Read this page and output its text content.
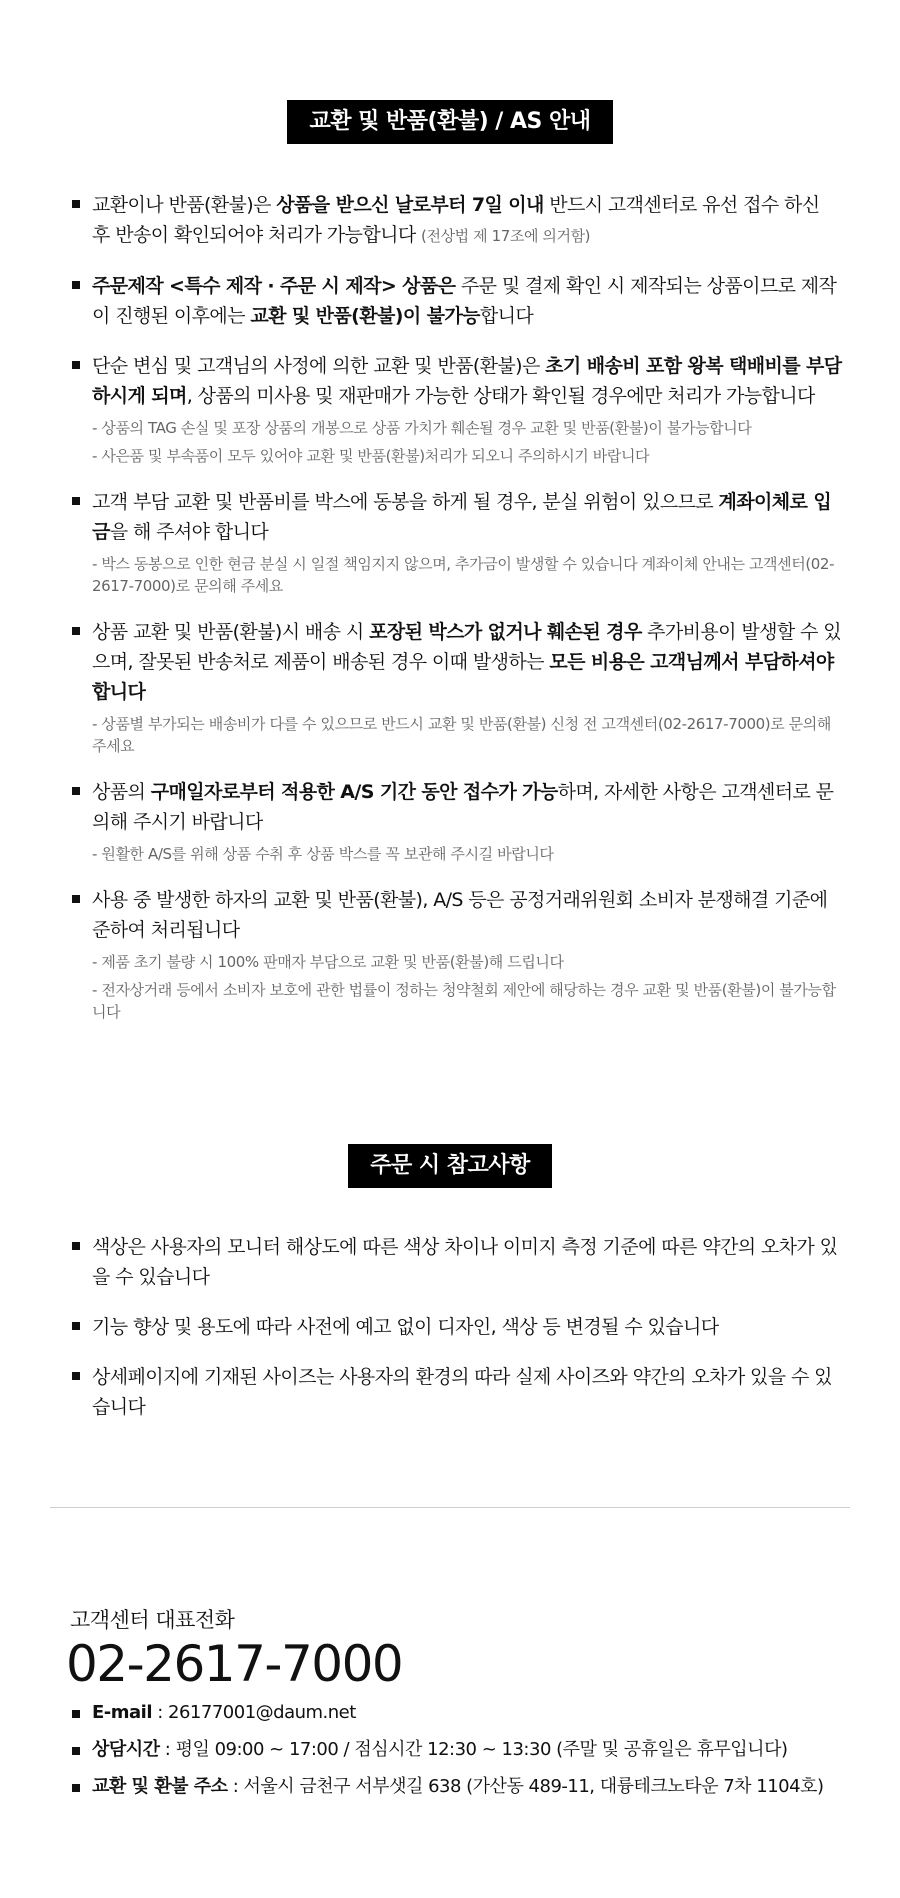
교환 및 반품(환불) / AS 안내
교환이나 반품(환불)은 상품을 받으신 날로부터 7일 이내 반드시 고객센터로 유선 접수 하신 후 반송이 확인되어야 처리가 가능합니다 (전상법 제 17조에 의거함)
주문제작 <특수 제작 · 주문 시 제작> 상품은 주문 및 결제 확인 시 제작되는 상품이므로 제작이 진행된 이후에는 교환 및 반품(환불)이 불가능합니다
단순 변심 및 고객님의 사정에 의한 교환 및 반품(환불)은 초기 배송비 포함 왕복 택배비를 부담하시게 되며, 상품의 미사용 및 재판매가 가능한 상태가 확인될 경우에만 처리가 가능합니다
- 상품의 TAG 손실 및 포장 상품의 개봉으로 상품 가치가 훼손될 경우 교환 및 반품(환불)이 불가능합니다
- 사은품 및 부속품이 모두 있어야 교환 및 반품(환불)처리가 되오니 주의하시기 바랍니다
고객 부담 교환 및 반품비를 박스에 동봉을 하게 될 경우, 분실 위험이 있으므로 계좌이체로 입금을 해 주셔야 합니다
- 박스 동봉으로 인한 현금 분실 시 일절 책임지지 않으며, 추가금이 발생할 수 있습니다 계좌이체 안내는 고객센터(02-2617-7000)로 문의해 주세요
상품 교환 및 반품(환불)시 배송 시 포장된 박스가 없거나 훼손된 경우 추가비용이 발생할 수 있으며, 잘못된 반송처로 제품이 배송된 경우 이때 발생하는 모든 비용은 고객님께서 부담하셔야 합니다
- 상품별 부가되는 배송비가 다를 수 있으므로 반드시 교환 및 반품(환불) 신청 전 고객센터(02-2617-7000)로 문의해 주세요
상품의 구매일자로부터 적용한 A/S 기간 동안 접수가 가능하며, 자세한 사항은 고객센터로 문의해 주시기 바랍니다
- 원활한 A/S를 위해 상품 수취 후 상품 박스를 꼭 보관해 주시길 바랍니다
사용 중 발생한 하자의 교환 및 반품(환불), A/S 등은 공정거래위원회 소비자 분쟁해결 기준에 준하여 처리됩니다
- 제품 초기 불량 시 100% 판매자 부담으로 교환 및 반품(환불)해 드립니다
- 전자상거래 등에서 소비자 보호에 관한 법률이 정하는 청약철회 제안에 해당하는 경우 교환 및 반품(환불)이 불가능합니다
주문 시 참고사항
색상은 사용자의 모니터 해상도에 따른 색상 차이나 이미지 측정 기준에 따른 약간의 오차가 있을 수 있습니다
기능 향상 및 용도에 따라 사전에 예고 없이 디자인, 색상 등 변경될 수 있습니다
상세페이지에 기재된 사이즈는 사용자의 환경의 따라 실제 사이즈와 약간의 오차가 있을 수 있습니다
고객센터 대표전화
02-2617-7000
E-mail : 26177001@daum.net
상담시간 : 평일 09:00 ~ 17:00 / 점심시간 12:30 ~ 13:30 (주말 및 공휴일은 휴무입니다)
교환 및 환불 주소 : 서울시 금천구 서부샛길 638 (가산동 489-11, 대륭테크노타운 7차 1104호)
